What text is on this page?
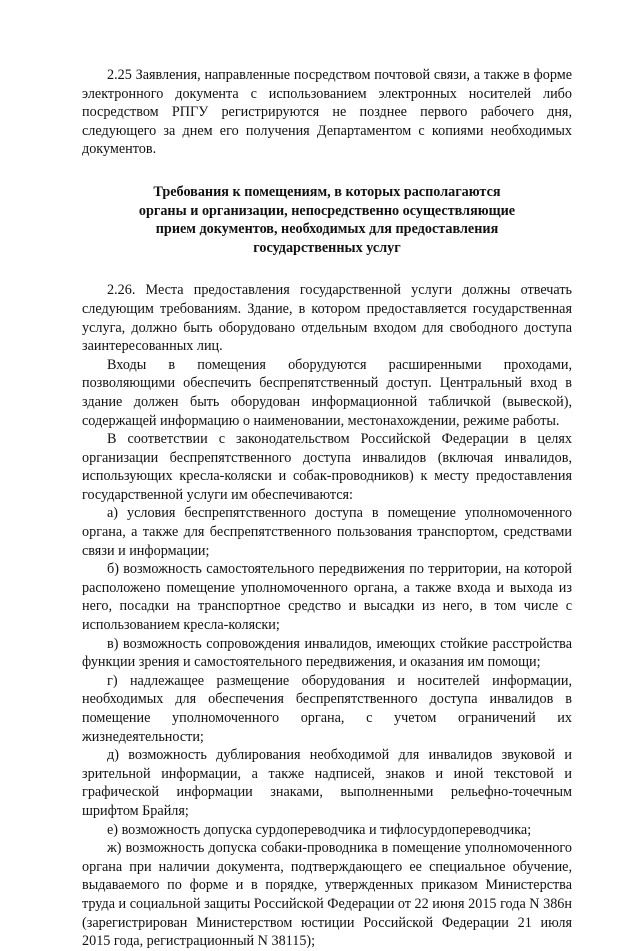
2.25 Заявления, направленные посредством почтовой связи, а также в форме электронного документа с использованием электронных носителей либо посредством РПГУ регистрируются не позднее первого рабочего дня, следующего за днем его получения Департаментом с копиями необходимых документов.

Требования к помещениям, в которых располагаются
органы и организации, непосредственно осуществляющие
прием документов, необходимых для предоставления
государственных услуг

2.26. Места предоставления государственной услуги должны отвечать следующим требованиям. Здание, в котором предоставляется государственная услуга, должно быть оборудовано отдельным входом для свободного доступа заинтересованных лиц.

Входы в помещения оборудуются расширенными проходами, позволяющими обеспечить беспрепятственный доступ. Центральный вход в здание должен быть оборудован информационной табличкой (вывеской), содержащей информацию о наименовании, местонахождении, режиме работы.

В соответствии с законодательством Российской Федерации в целях организации беспрепятственного доступа инвалидов (включая инвалидов, использующих кресла-коляски и собак-проводников) к месту предоставления государственной услуги им обеспечиваются:

а) условия беспрепятственного доступа в помещение уполномоченного органа, а также для беспрепятственного пользования транспортом, средствами связи и информации;

б) возможность самостоятельного передвижения по территории, на которой расположено помещение уполномоченного органа, а также входа и выхода из него, посадки на транспортное средство и высадки из него, в том числе с использованием кресла-коляски;

в) возможность сопровождения инвалидов, имеющих стойкие расстройства функции зрения и самостоятельного передвижения, и оказания им помощи;

г) надлежащее размещение оборудования и носителей информации, необходимых для обеспечения беспрепятственного доступа инвалидов в помещение уполномоченного органа, с учетом ограничений их жизнедеятельности;

д) возможность дублирования необходимой для инвалидов звуковой и зрительной информации, а также надписей, знаков и иной текстовой и графической информации знаками, выполненными рельефно-точечным шрифтом Брайля;

е) возможность допуска сурдопереводчика и тифлосурдопереводчика;

ж) возможность допуска собаки-проводника в помещение уполномоченного органа при наличии документа, подтверждающего ее специальное обучение, выдаваемого по форме и в порядке, утвержденных приказом Министерства труда и социальной защиты Российской Федерации от 22 июня 2015 года N 386н (зарегистрирован Министерством юстиции Российской Федерации 21 июля 2015 года, регистрационный N 38115);
